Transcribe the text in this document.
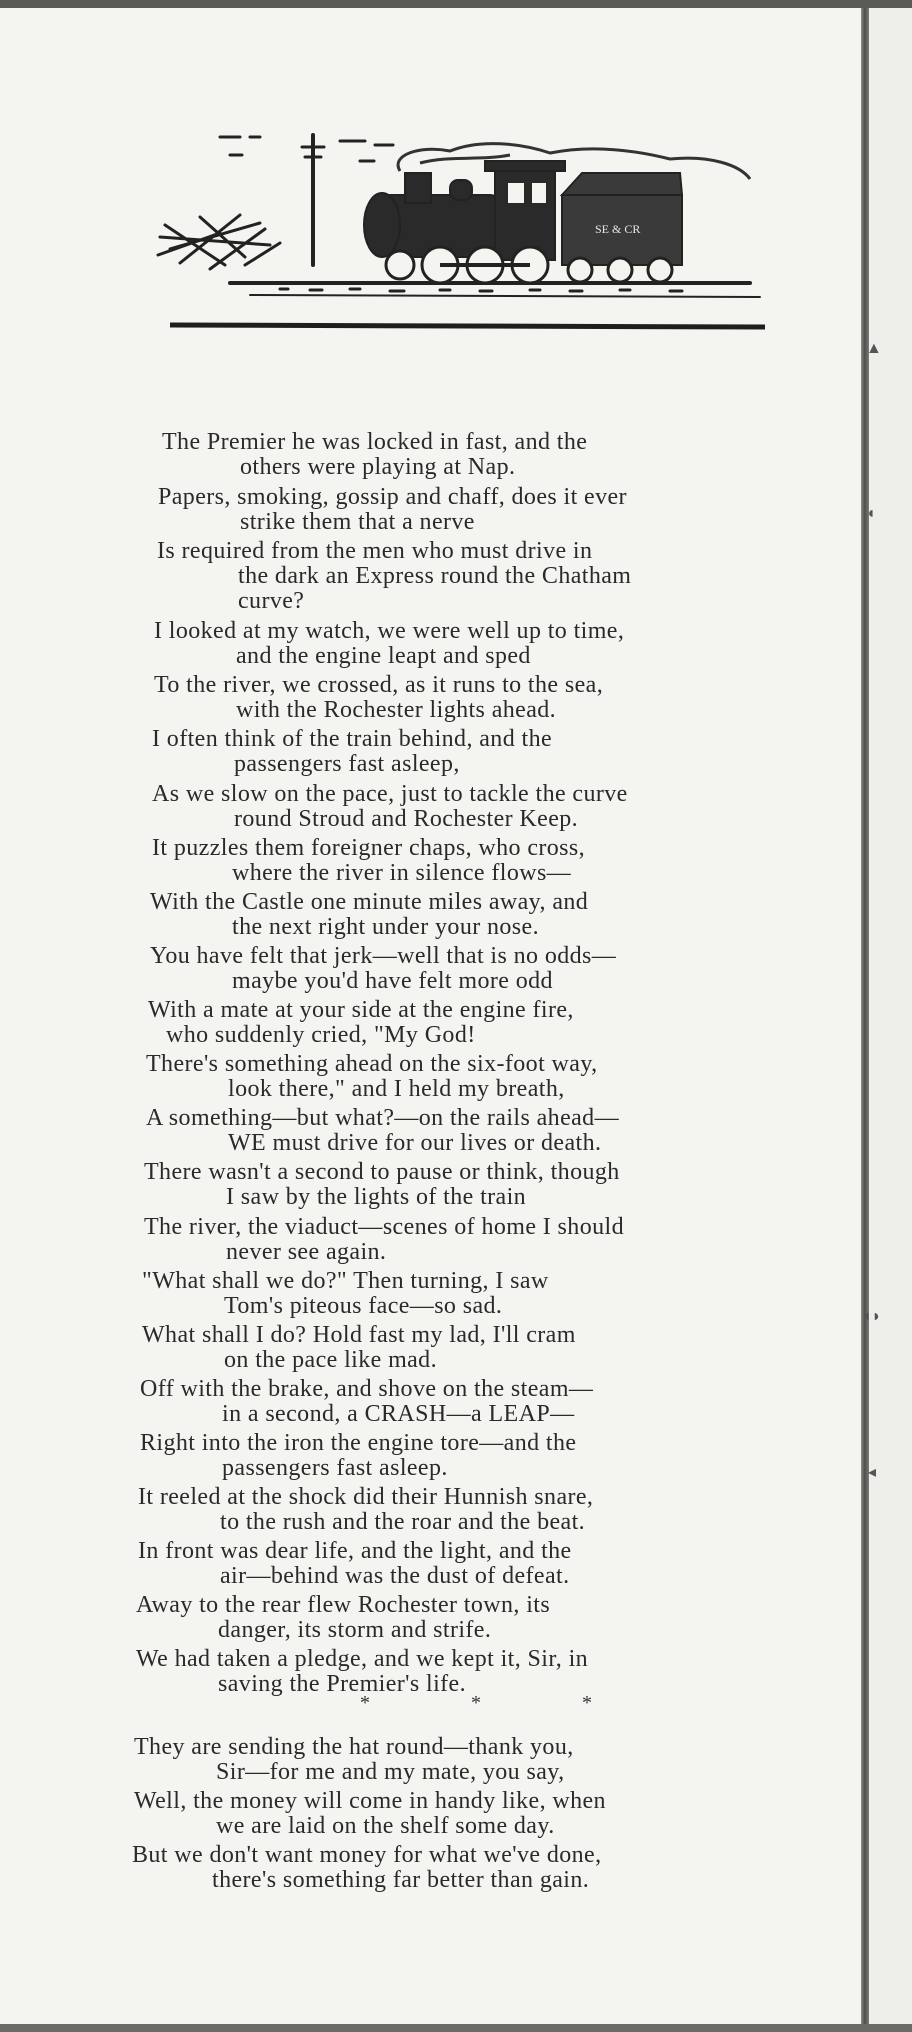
▲
◖
◖◗
◂
SE & CR
The Premier he was locked in fast, and the
others were playing at Nap.
Papers, smoking, gossip and chaff, does it ever
strike them that a nerve
Is required from the men who must drive in
the dark an Express round the Chatham
curve?
I looked at my watch, we were well up to time,
and the engine leapt and sped
To the river, we crossed, as it runs to the sea,
with the Rochester lights ahead.
I often think of the train behind, and the
passengers fast asleep,
As we slow on the pace, just to tackle the curve
round Stroud and Rochester Keep.
It puzzles them foreigner chaps, who cross,
where the river in silence flows—
With the Castle one minute miles away, and
the next right under your nose.
You have felt that jerk—well that is no odds—
maybe you'd have felt more odd
With a mate at your side at the engine fire,
who suddenly cried, "My God!
There's something ahead on the six-foot way,
look there," and I held my breath,
A something—but what?—on the rails ahead—
WE must drive for our lives or death.
There wasn't a second to pause or think, though
I saw by the lights of the train
The river, the viaduct—scenes of home I should
never see again.
"What shall we do?" Then turning, I saw
Tom's piteous face—so sad.
What shall I do? Hold fast my lad, I'll cram
on the pace like mad.
Off with the brake, and shove on the steam—
in a second, a CRASH—a LEAP—
Right into the iron the engine tore—and the
passengers fast asleep.
It reeled at the shock did their Hunnish snare,
to the rush and the roar and the beat.
In front was dear life, and the light, and the
air—behind was the dust of defeat.
Away to the rear flew Rochester town, its
danger, its storm and strife.
We had taken a pledge, and we kept it, Sir, in
saving the Premier's life.
* * *
They are sending the hat round—thank you,
Sir—for me and my mate, you say,
Well, the money will come in handy like, when
we are laid on the shelf some day.
But we don't want money for what we've done,
there's something far better than gain.
